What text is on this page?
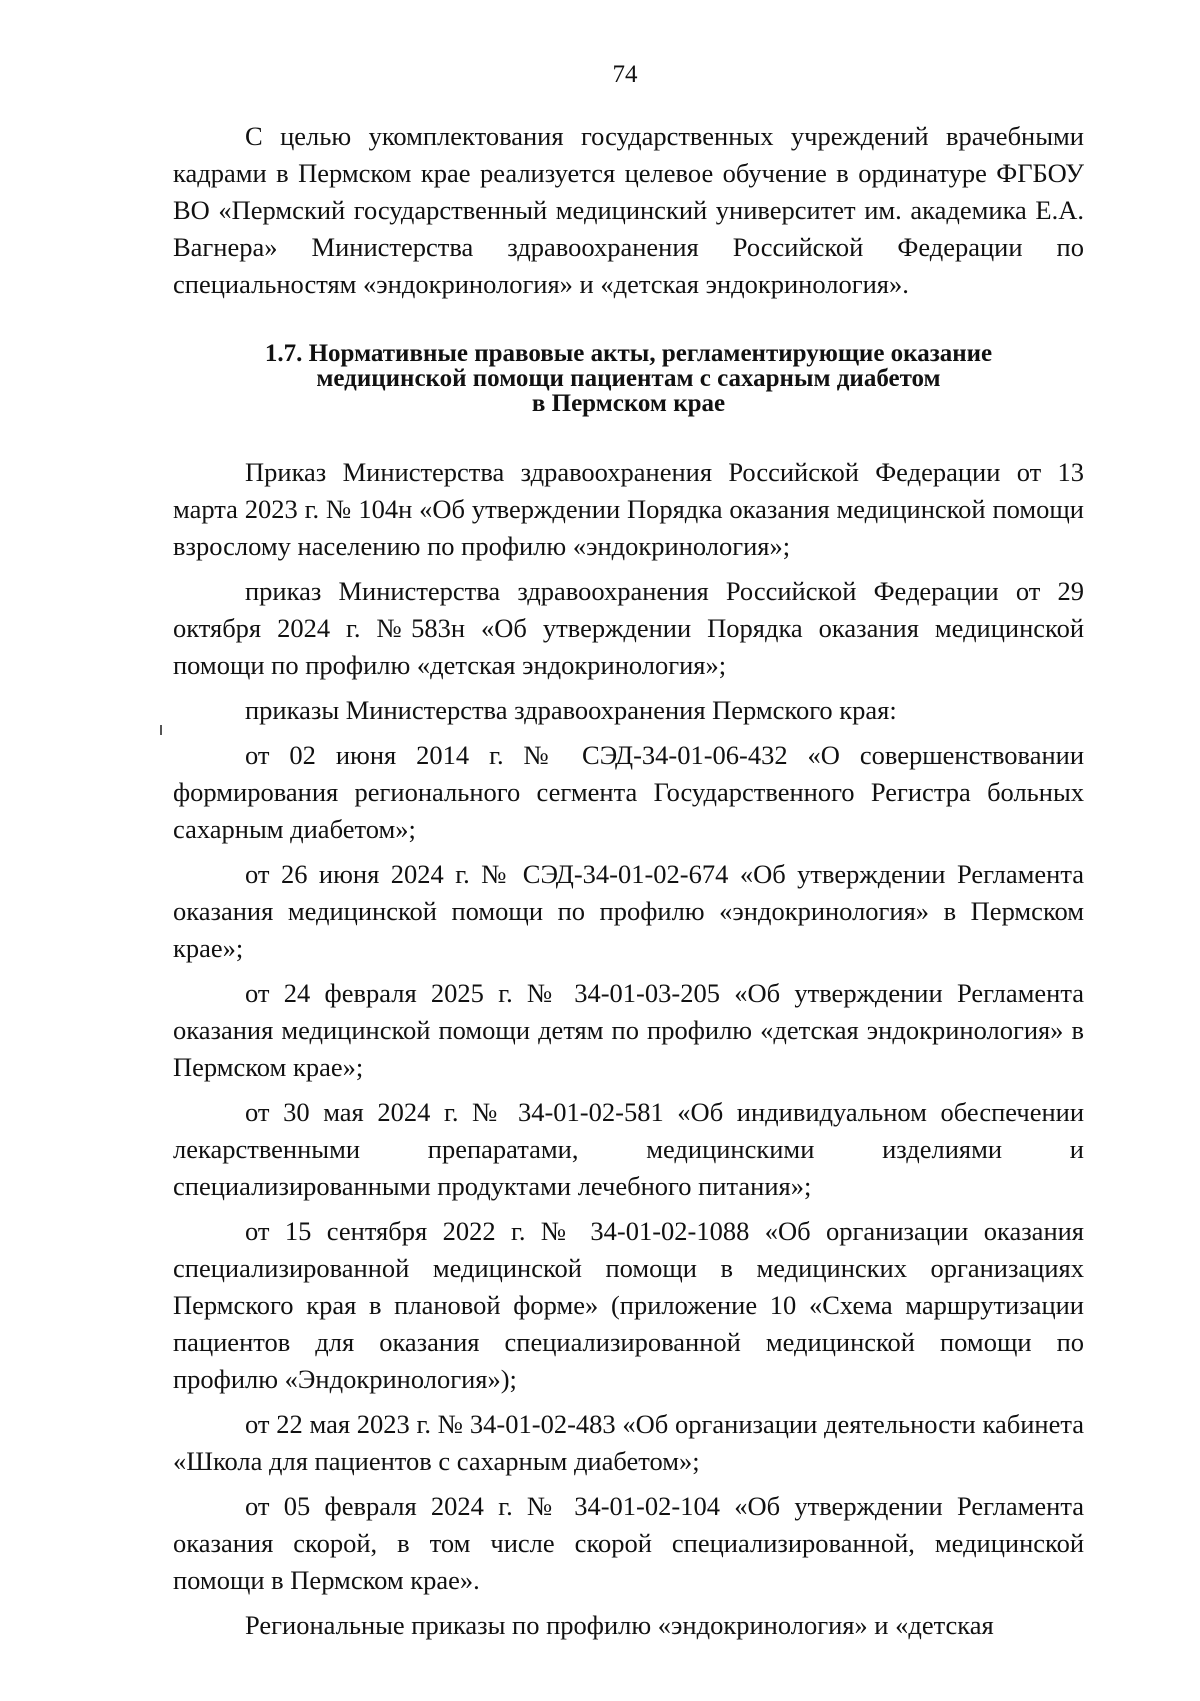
74

С целью укомплектования государственных учреждений врачебными кадрами в Пермском крае реализуется целевое обучение в ординатуре ФГБОУ ВО «Пермский государственный медицинский университет им. академика Е.А. Вагнера» Министерства здравоохранения Российской Федерации по специальностям «эндокринология» и «детская эндокринология».

1.7. Нормативные правовые акты, регламентирующие оказание
медицинской помощи пациентам с сахарным диабетом
в Пермском крае

Приказ Министерства здравоохранения Российской Федерации от 13 марта 2023 г. № 104н «Об утверждении Порядка оказания медицинской помощи взрослому населению по профилю «эндокринология»;

приказ Министерства здравоохранения Российской Федерации от 29 октября 2024 г. №583н «Об утверждении Порядка оказания медицинской помощи по профилю «детская эндокринология»;

приказы Министерства здравоохранения Пермского края:

от 02 июня 2014 г. № СЭД-34-01-06-432 «О совершенствовании формирования регионального сегмента Государственного Регистра больных сахарным диабетом»;

от 26 июня 2024 г. № СЭД-34-01-02-674 «Об утверждении Регламента оказания медицинской помощи по профилю «эндокринология» в Пермском крае»;

от 24 февраля 2025 г. № 34-01-03-205 «Об утверждении Регламента оказания медицинской помощи детям по профилю «детская эндокринология» в Пермском крае»;

от 30 мая 2024 г. № 34-01-02-581 «Об индивидуальном обеспечении лекарственными препаратами, медицинскими изделиями и специализированными продуктами лечебного питания»;

от 15 сентября 2022 г. № 34-01-02-1088 «Об организации оказания специализированной медицинской помощи в медицинских организациях Пермского края в плановой форме» (приложение 10 «Схема маршрутизации пациентов для оказания специализированной медицинской помощи по профилю «Эндокринология»);

от 22 мая 2023 г. № 34-01-02-483 «Об организации деятельности кабинета «Школа для пациентов с сахарным диабетом»;

от 05 февраля 2024 г. № 34-01-02-104 «Об утверждении Регламента оказания скорой, в том числе скорой специализированной, медицинской помощи в Пермском крае».

Региональные приказы по профилю «эндокринология» и «детская
